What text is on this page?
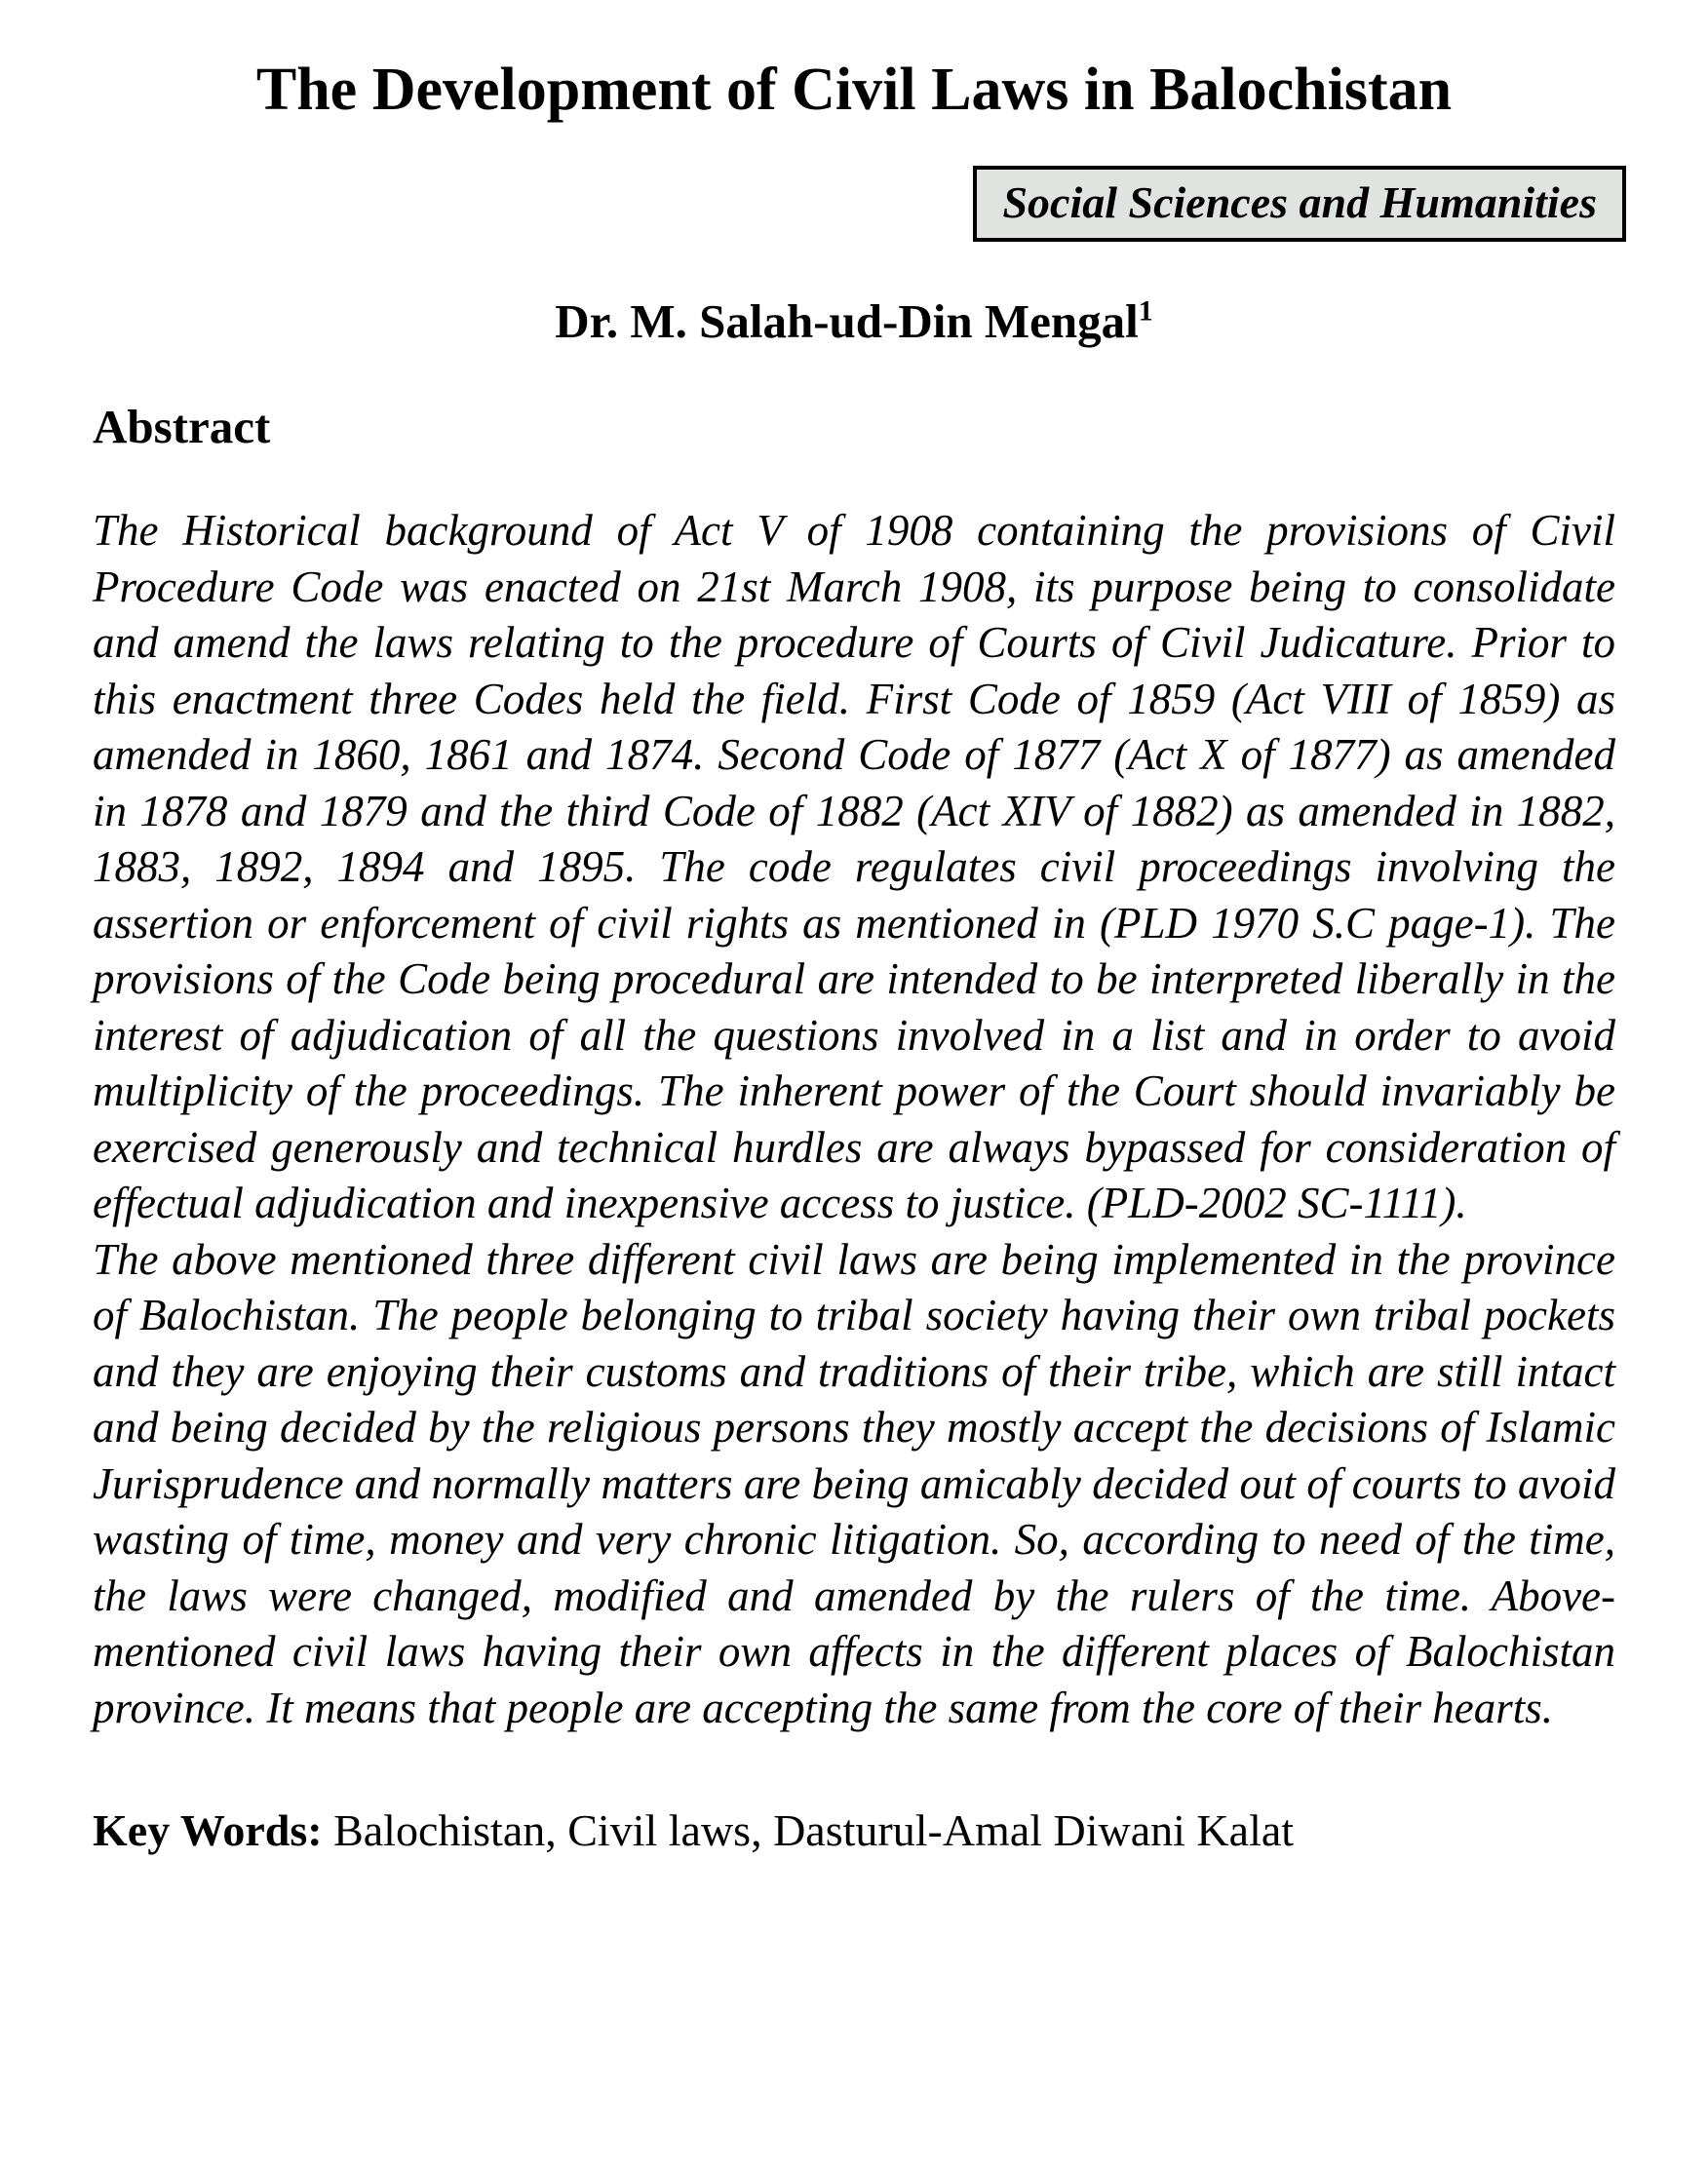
The Development of Civil Laws in Balochistan
Social Sciences and Humanities

Dr. M. Salah-ud-Din Mengal$^1$

Abstract

The Historical background of Act V of 1908 containing the provisions of Civil Procedure Code was enacted on 21st March 1908, its purpose being to consolidate and amend the laws relating to the procedure of Courts of Civil Judicature. Prior to this enactment three Codes held the field. First Code of 1859 (Act VIII of 1859) as amended in 1860, 1861 and 1874. Second Code of 1877 (Act X of 1877) as amended in 1878 and 1879 and the third Code of 1882 (Act XIV of 1882) as amended in 1882, 1883, 1892, 1894 and 1895. The code regulates civil proceedings involving the assertion or enforcement of civil rights as mentioned in (PLD 1970 S.C page-1). The provisions of the Code being procedural are intended to be interpreted liberally in the interest of adjudication of all the questions involved in a list and in order to avoid multiplicity of the proceedings. The inherent power of the Court should invariably be exercised generously and technical hurdles are always bypassed for consideration of effectual adjudication and inexpensive access to justice. (PLD-2002 SC-1111).

The above mentioned three different civil laws are being implemented in the province of Balochistan. The people belonging to tribal society having their own tribal pockets and they are enjoying their customs and traditions of their tribe, which are still intact and being decided by the religious persons they mostly accept the decisions of Islamic Jurisprudence and normally matters are being amicably decided out of courts to avoid wasting of time, money and very chronic litigation. So, according to need of the time, the laws were changed, modified and amended by the rulers of the time. Above-mentioned civil laws having their own affects in the different places of Balochistan province. It means that people are accepting the same from the core of their hearts.

Key Words: Balochistan, Civil laws, Dasturul-Amal Diwani Kalat
